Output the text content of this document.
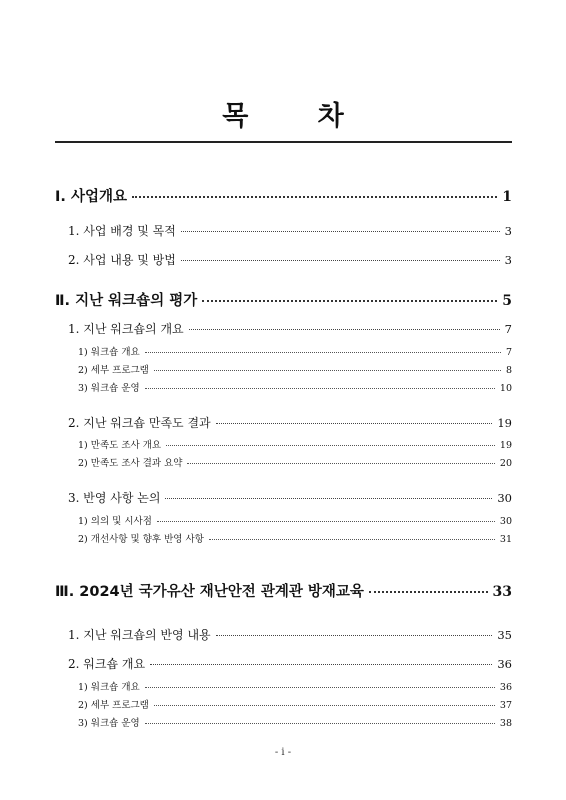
목 차
Ⅰ. 사업개요	1
1. 사업 배경 및 목적	3
2. 사업 내용 및 방법	3
Ⅱ. 지난 워크숍의 평가	5
1. 지난 워크숍의 개요	7
1) 워크숍 개요	7
2) 세부 프로그램	8
3) 워크숍 운영	10
2. 지난 워크숍 만족도 결과	19
1) 만족도 조사 개요	19
2) 만족도 조사 결과 요약	20
3. 반영 사항 논의	30
1) 의의 및 시사점	30
2) 개선사항 및 향후 반영 사항	31
Ⅲ. 2024년 국가유산 재난안전 관계관 방재교육	33
1. 지난 워크숍의 반영 내용	35
2. 워크숍 개요	36
1) 워크숍 개요	36
2) 세부 프로그램	37
3) 워크숍 운영	38
- i -
